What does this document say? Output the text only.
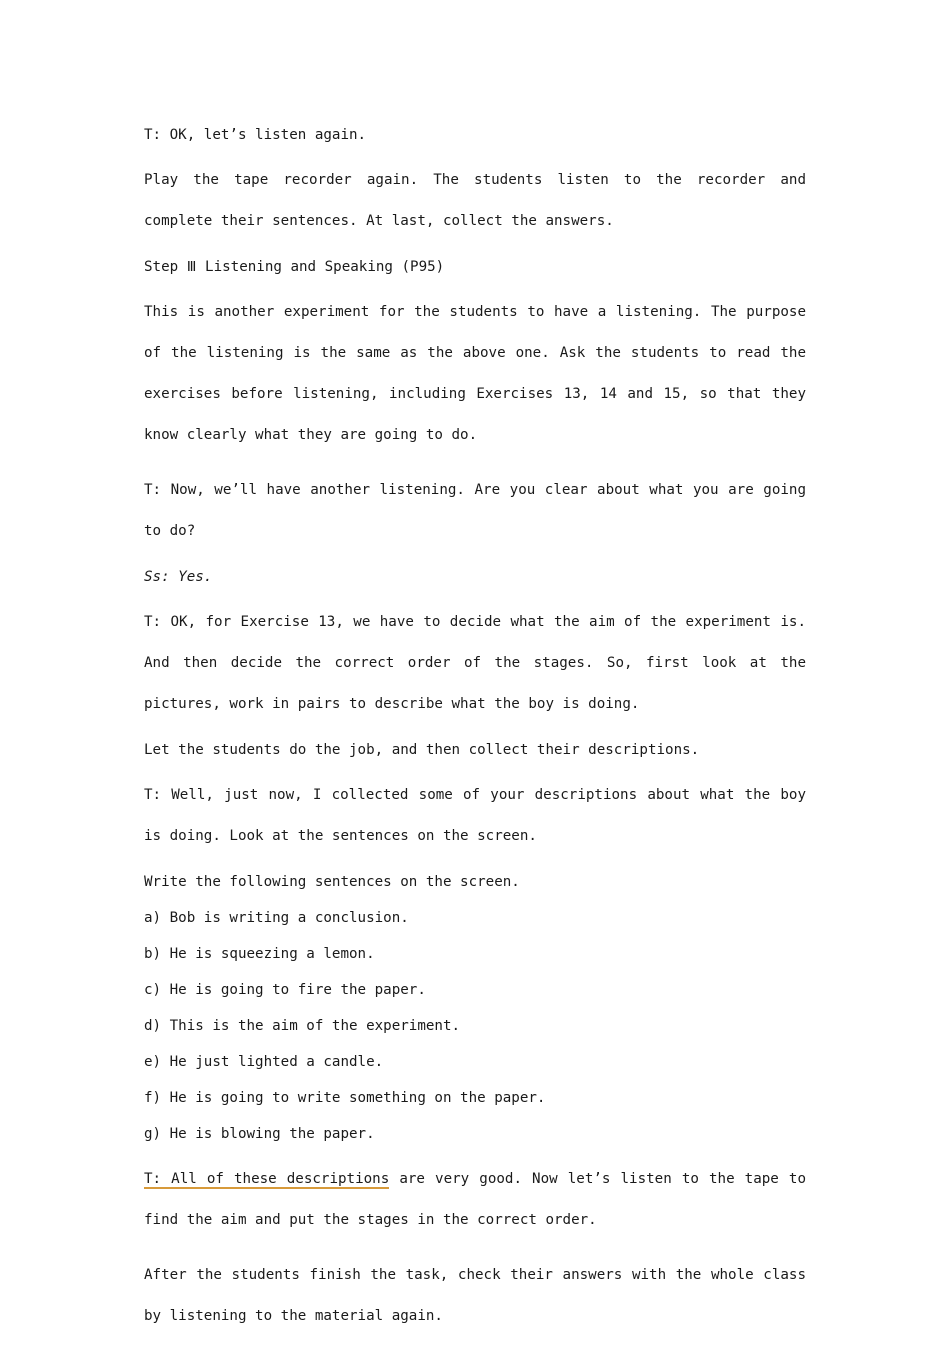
T: OK, let’s listen again.

Play the tape recorder again. The students listen to the recorder and complete their sentences. At last, collect the answers.

Step Ⅲ Listening and Speaking (P95)

This is another experiment for the students to have a listening. The purpose of the listening is the same as the above one. Ask the students to read the exercises before listening, including Exercises 13, 14 and 15, so that they know clearly what they are going to do.

T: Now, we’ll have another listening. Are you clear about what you are going to do?

Ss: Yes.

T: OK, for Exercise 13, we have to decide what the aim of the experiment is. And then decide the correct order of the stages. So, first look at the pictures, work in pairs to describe what the boy is doing.

Let the students do the job, and then collect their descriptions.

T: Well, just now, I collected some of your descriptions about what the boy is doing. Look at the sentences on the screen.

Write the following sentences on the screen.

a) Bob is writing a conclusion.

b) He is squeezing a lemon.

c) He is going to fire the paper.

d) This is the aim of the experiment.

e) He just lighted a candle.

f) He is going to write something on the paper.

g) He is blowing the paper.

T: All of these descriptions are very good. Now let’s listen to the tape to find the aim and put the stages in the correct order.

After the students finish the task, check their answers with the whole class by listening to the material again.
